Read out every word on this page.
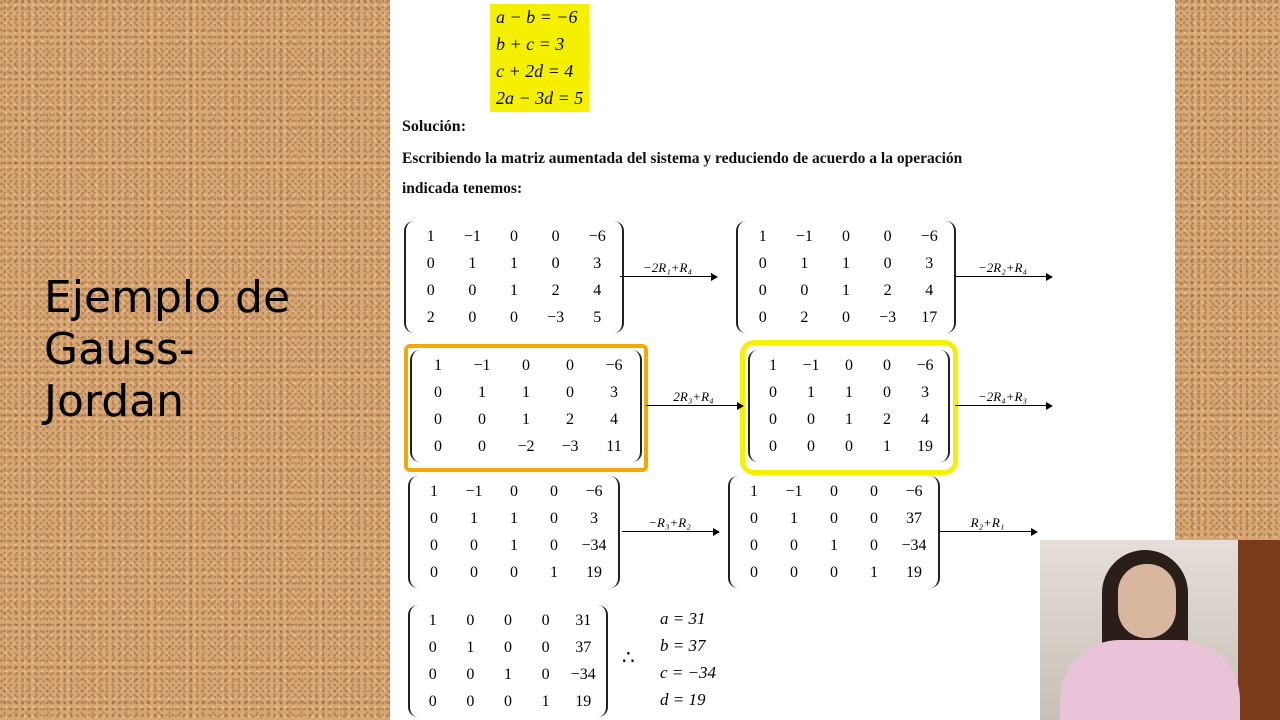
Ejemplo de
Gauss-
Jordan
a − b = −6
b + c = 3
c + 2d = 4
2a − 3d = 5
Solución:
Escribiendo la matriz aumentada del sistema y reduciendo de acuerdo a la operación
indicada tenemos:
1	−1	0	0	−6
0	1	1	0	3
0	0	1	2	4
2	0	0	−3	5
−2R₁+R₄
1	−1	0	0	−6
0	1	1	0	3
0	0	1	2	4
0	2	0	−3	17
−2R₂+R₄
1	−1	0	0	−6
0	1	1	0	3
0	0	1	2	4
0	0	−2	−3	11
2R₃+R₄
1	−1	0	0	−6
0	1	1	0	3
0	0	1	2	4
0	0	0	1	19
−2R₄+R₃
1	−1	0	0	−6
0	1	1	0	3
0	0	1	0	−34
0	0	0	1	19
−R₃+R₂
1	−1	0	0	−6
0	1	0	0	37
0	0	1	0	−34
0	0	0	1	19
R₂+R₁
1	0	0	0	31
0	1	0	0	37
0	0	1	0	−34
0	0	0	1	19
∴
a = 31
b = 37
c = −34
d = 19
